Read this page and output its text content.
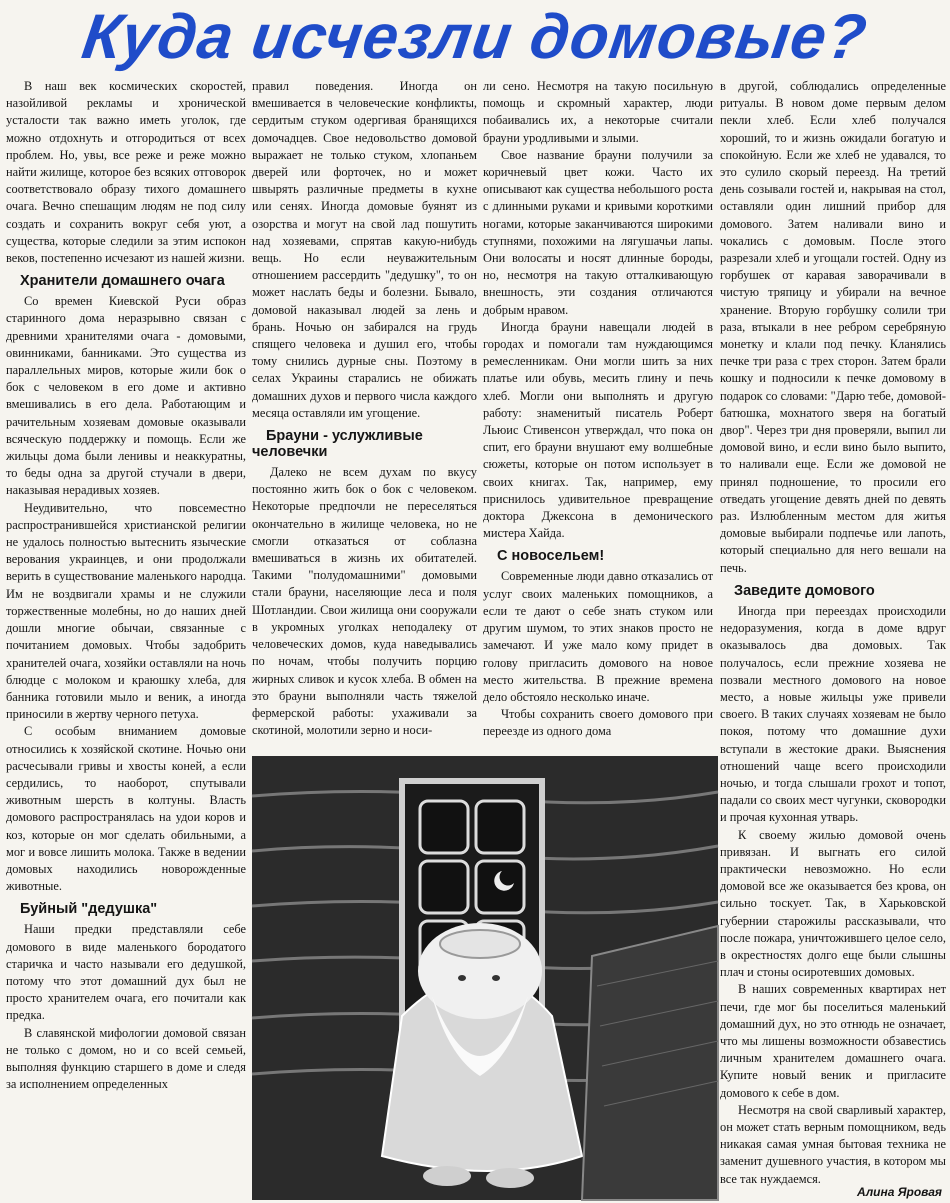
Куда исчезли домовые?

В наш век космических скоростей, назойливой рекламы и хронической усталости так важно иметь уголок, где можно отдохнуть и отгородиться от всех проблем. Но, увы, все реже и реже можно найти жилище, которое без всяких отговорок соответствовало образу тихого домашнего очага. Вечно спешащим людям не под силу создать и сохранить вокруг себя уют, а существа, которые следили за этим испокон веков, постепенно исчезают из нашей жизни.

Хранители домашнего очага

Со времен Киевской Руси образ старинного дома неразрывно связан с древними хранителями очага - домовыми, овинниками, банниками. Это существа из параллельных миров, которые жили бок о бок с человеком в его доме и активно вмешивались в его дела. Работающим и рачительным хозяевам домовые оказывали всяческую поддержку и помощь. Если же жильцы дома были ленивы и неаккуратны, то беды одна за другой стучали в двери, наказывая нерадивых хозяев.

Неудивительно, что повсеместно распространившейся христианской религии не удалось полностью вытеснить языческие верования украинцев, и они продолжали верить в существование маленького народца. Им не воздвигали храмы и не служили торжественные молебны, но до наших дней дошли многие обычаи, связанные с почитанием домовых. Чтобы задобрить хранителей очага, хозяйки оставляли на ночь блюдце с молоком и краюшку хлеба, для банника готовили мыло и веник, а иногда приносили в жертву черного петуха.

С особым вниманием домовые относились к хозяйской скотине. Ночью они расчесывали гривы и хвосты коней, а если сердились, то наоборот, спутывали животным шерсть в колтуны. Власть домового распространялась на удои коров и коз, которые он мог сделать обильными, а мог и вовсе лишить молока. Также в ведении домовых находились новорожденные животные.

Буйный "дедушка"

Наши предки представляли себе домового в виде маленького бородатого старичка и часто называли его дедушкой, потому что этот домашний дух был не просто хранителем очага, его почитали как предка.

В славянской мифологии домовой связан не только с домом, но и со всей семьей, выполняя функцию старшего в доме и следя за исполнением определенных

правил поведения. Иногда он вмешивается в человеческие конфликты, сердитым стуком одергивая бранящихся домочадцев. Свое недовольство домовой выражает не только стуком, хлопаньем дверей или форточек, но и может швырять различные предметы в кухне или сенях. Иногда домовые буянят из озорства и могут на свой лад пошутить над хозяевами, спрятав какую-нибудь вещь. Но если неуважительным отношением рассердить "дедушку", то он может наслать беды и болезни. Бывало, домовой наказывал людей за лень и брань. Ночью он забирался на грудь спящего человека и душил его, чтобы тому снились дурные сны. Поэтому в селах Украины старались не обижать домашних духов и первого числа каждого месяца оставляли им угощение.

Брауни - услужливые человечки

Далеко не всем духам по вкусу постоянно жить бок о бок с человеком. Некоторые предпочли не переселяться окончательно в жилище человека, но не смогли отказаться от соблазна вмешиваться в жизнь их обитателей. Такими "полудомашними" домовыми стали брауни, населяющие леса и поля Шотландии. Свои жилища они сооружали в укромных уголках неподалеку от человеческих домов, куда наведывались по ночам, чтобы получить порцию жирных сливок и кусок хлеба. В обмен на это брауни выполняли часть тяжелой фермерской работы: ухаживали за скотиной, молотили зерно и носи-

ли сено. Несмотря на такую посильную помощь и скромный характер, люди побаивались их, а некоторые считали брауни уродливыми и злыми.

Свое название брауни получили за коричневый цвет кожи. Часто их описывают как существа небольшого роста с длинными руками и кривыми короткими ногами, которые заканчиваются широкими ступнями, похожими на лягушачьи лапы. Они волосаты и носят длинные бороды, но, несмотря на такую отталкивающую внешность, эти создания отличаются добрым нравом.

Иногда брауни навещали людей в городах и помогали там нуждающимся ремесленникам. Они могли шить за них платье или обувь, месить глину и печь хлеб. Могли они выполнять и другую работу: знаменитый писатель Роберт Льюис Стивенсон утверждал, что пока он спит, его брауни внушают ему волшебные сюжеты, которые он потом использует в своих книгах. Так, например, ему приснилось удивительное превращение доктора Джексона в демонического мистера Хайда.

С новосельем!

Современные люди давно отказались от услуг своих маленьких помощников, а если те дают о себе знать стуком или другим шумом, то этих знаков просто не замечают. И уже мало кому придет в голову пригласить домового на новое место жительства. В прежние времена дело обстояло несколько иначе.

Чтобы сохранить своего домового при переезде из одного дома

в другой, соблюдались определенные ритуалы. В новом доме первым делом пекли хлеб. Если хлеб получался хороший, то и жизнь ожидали богатую и спокойную. Если же хлеб не удавался, то это сулило скорый переезд. На третий день созывали гостей и, накрывая на стол, оставляли один лишний прибор для домового. Затем наливали вино и чокались с домовым. После этого разрезали хлеб и угощали гостей. Одну из горбушек от каравая заворачивали в чистую тряпицу и убирали на вечное хранение. Вторую горбушку солили три раза, втыкали в нее ребром серебряную монетку и клали под печку. Кланялись печке три раза с трех сторон. Затем брали кошку и подносили к печке домовому в подарок со словами: "Дарю тебе, домовой-батюшка, мохнатого зверя на богатый двор". Через три дня проверяли, выпил ли домовой вино, и если вино было выпито, то наливали еще. Если же домовой не принял подношение, то просили его отведать угощение девять дней по девять раз. Излюбленным местом для житья домовые выбирали подпечье или лапоть, который специально для него вешали на печь.

Заведите домового

Иногда при переездах происходили недоразумения, когда в доме вдруг оказывалось два домовых. Так получалось, если прежние хозяева не позвали местного домового на новое место, а новые жильцы уже привели своего. В таких случаях хозяевам не было покоя, потому что домашние духи вступали в жестокие драки. Выяснения отношений чаще всего происходили ночью, и тогда слышали грохот и топот, падали со своих мест чугунки, сковородки и прочая кухонная утварь.

К своему жилью домовой очень привязан. И выгнать его силой практически невозможно. Но если домовой все же оказывается без крова, он сильно тоскует. Так, в Харьковской губернии старожилы рассказывали, что после пожара, уничтожившего целое село, в окрестностях долго еще были слышны плач и стоны осиротевших домовых.

В наших современных квартирах нет печи, где мог бы поселиться маленький домашний дух, но это отнюдь не означает, что мы лишены возможности обзавестись личным хранителем домашнего очага. Купите новый веник и пригласите домового к себе в дом.

Несмотря на свой сварливый характер, он может стать верным помощником, ведь никакая самая умная бытовая техника не заменит душевного участия, в котором мы все так нуждаемся.

Алина Яровая
